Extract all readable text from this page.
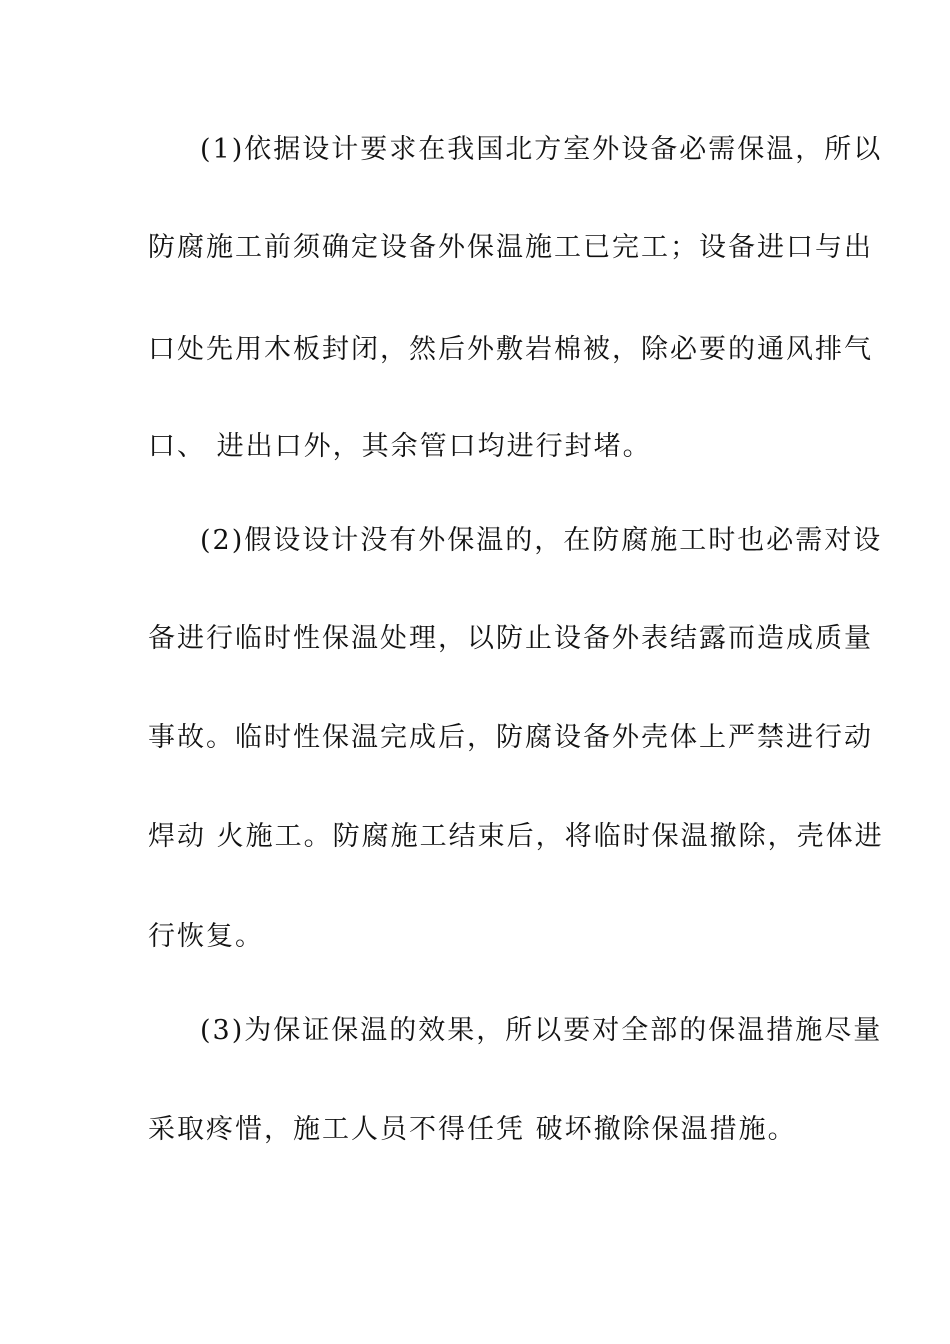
(1)依据设计要求在我国北方室外设备必需保温，所以
防腐施工前须确定设备外保温施工已完工；设备进口与出
口处先用木板封闭，然后外敷岩棉被，除必要的通风排气
口、 进出口外，其余管口均进行封堵。
(2)假设设计没有外保温的，在防腐施工时也必需对设
备进行临时性保温处理，以防止设备外表结露而造成质量
事故。临时性保温完成后，防腐设备外壳体上严禁进行动
焊动 火施工。防腐施工结束后，将临时保温撤除，壳体进
行恢复。
(3)为保证保温的效果，所以要对全部的保温措施尽量
采取疼惜，施工人员不得任凭 破坏撤除保温措施。
